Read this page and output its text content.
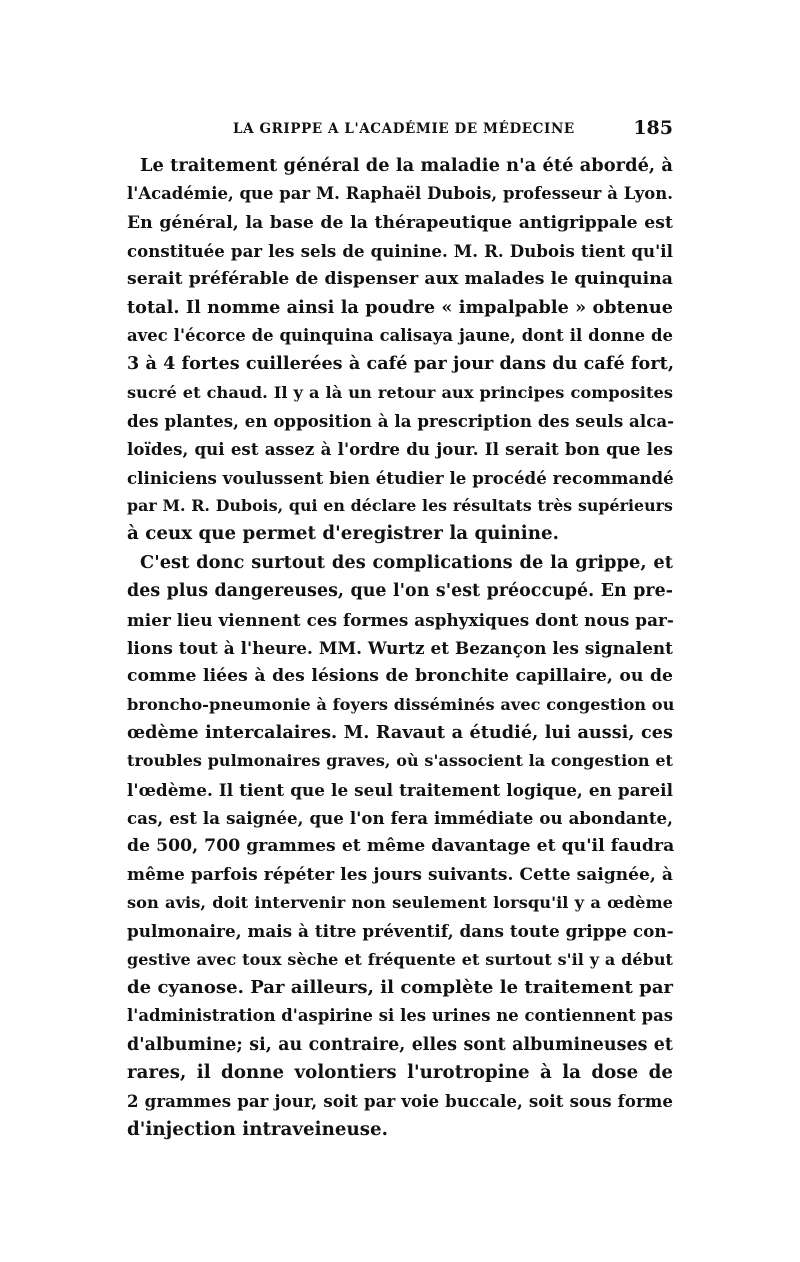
LA GRIPPE A L'ACADÉMIE DE MÉDECINE	185
Le traitement général de la maladie n'a été abordé, à
l'Académie, que par M. Raphaël Dubois, professeur à Lyon.
En général, la base de la thérapeutique antigrippale est
constituée par les sels de quinine. M. R. Dubois tient qu'il
serait préférable de dispenser aux malades le quinquina
total. Il nomme ainsi la poudre « impalpable » obtenue
avec l'écorce de quinquina calisaya jaune, dont il donne de
3 à 4 fortes cuillerées à café par jour dans du café fort,
sucré et chaud. Il y a là un retour aux principes composites
des plantes, en opposition à la prescription des seuls alca-
loïdes, qui est assez à l'ordre du jour. Il serait bon que les
cliniciens voulussent bien étudier le procédé recommandé
par M. R. Dubois, qui en déclare les résultats très supérieurs
à ceux que permet d'eregistrer la quinine.
C'est donc surtout des complications de la grippe, et
des plus dangereuses, que l'on s'est préoccupé. En pre-
mier lieu viennent ces formes asphyxiques dont nous par-
lions tout à l'heure. MM. Wurtz et Bezançon les signalent
comme liées à des lésions de bronchite capillaire, ou de
broncho-pneumonie à foyers disséminés avec congestion ou
œdème intercalaires. M. Ravaut a étudié, lui aussi, ces
troubles pulmonaires graves, où s'associent la congestion et
l'œdème. Il tient que le seul traitement logique, en pareil
cas, est la saignée, que l'on fera immédiate ou abondante,
de 500, 700 grammes et même davantage et qu'il faudra
même parfois répéter les jours suivants. Cette saignée, à
son avis, doit intervenir non seulement lorsqu'il y a œdème
pulmonaire, mais à titre préventif, dans toute grippe con-
gestive avec toux sèche et fréquente et surtout s'il y a début
de cyanose. Par ailleurs, il complète le traitement par
l'administration d'aspirine si les urines ne contiennent pas
d'albumine; si, au contraire, elles sont albumineuses et
rares, il donne volontiers l'urotropine à la dose de
2 grammes par jour, soit par voie buccale, soit sous forme
d'injection intraveineuse.
